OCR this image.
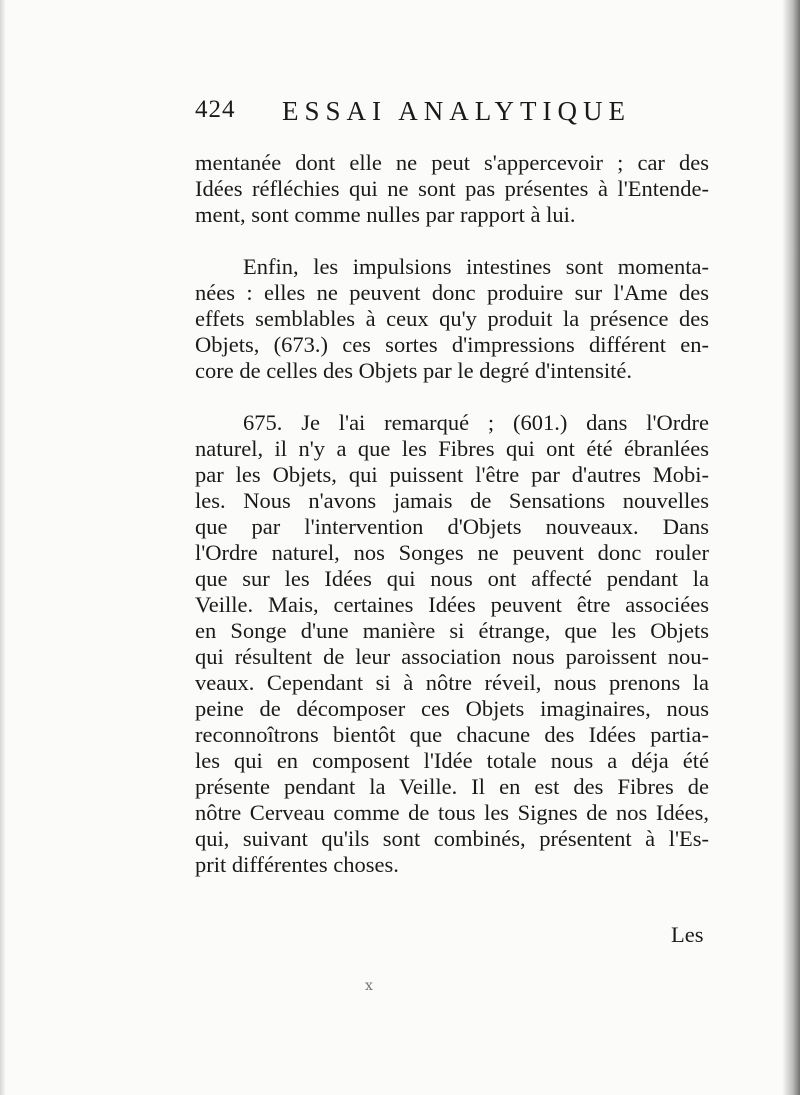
424 ESSAI ANALYTIQUE
mentanée dont elle ne peut s'appercevoir ; car des
Idées réfléchies qui ne sont pas présentes à l'Entende-
ment, sont comme nulles par rapport à lui.
Enfin, les impulsions intestines sont momenta-
nées : elles ne peuvent donc produire sur l'Ame des
effets semblables à ceux qu'y produit la présence des
Objets, (673.) ces sortes d'impressions différent en-
core de celles des Objets par le degré d'intensité.
675. Je l'ai remarqué ; (601.) dans l'Ordre
naturel, il n'y a que les Fibres qui ont été ébranlées
par les Objets, qui puissent l'être par d'autres Mobi-
les. Nous n'avons jamais de Sensations nouvelles
que par l'intervention d'Objets nouveaux. Dans
l'Ordre naturel, nos Songes ne peuvent donc rouler
que sur les Idées qui nous ont affecté pendant la
Veille. Mais, certaines Idées peuvent être associées
en Songe d'une manière si étrange, que les Objets
qui résultent de leur association nous paroissent nou-
veaux. Cependant si à nôtre réveil, nous prenons la
peine de décomposer ces Objets imaginaires, nous
reconnoîtrons bientôt que chacune des Idées partia-
les qui en composent l'Idée totale nous a déja été
présente pendant la Veille. Il en est des Fibres de
nôtre Cerveau comme de tous les Signes de nos Idées,
qui, suivant qu'ils sont combinés, présentent à l'Es-
prit différentes choses.
Les
x
